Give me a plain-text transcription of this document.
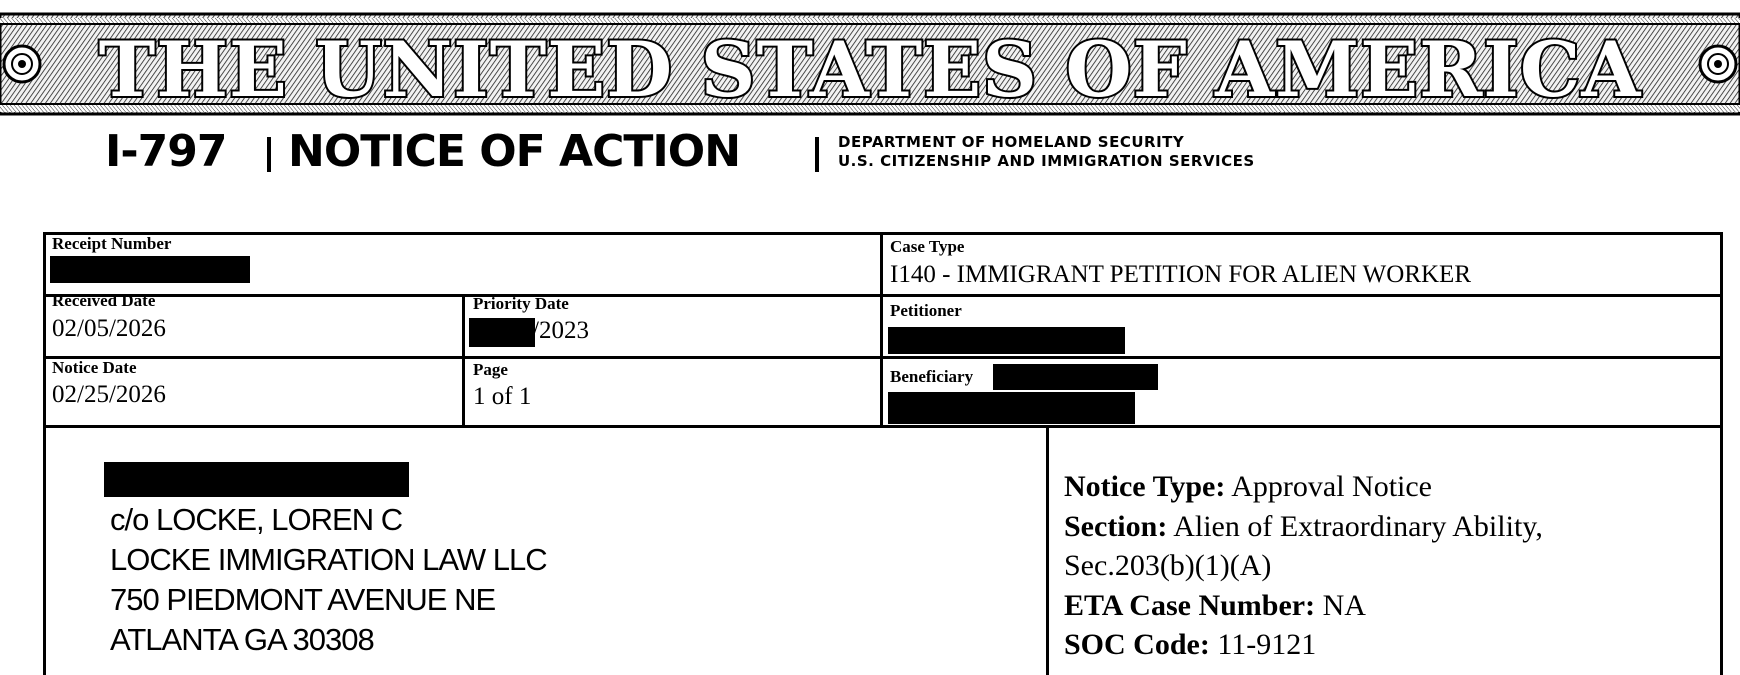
THE UNITED STATES OF AMERICA
I-797 NOTICE OF ACTION	DEPARTMENT OF HOMELAND SECURITY
U.S. CITIZENSHIP AND IMMIGRATION SERVICES
Receipt Number	Case Type
I140 - IMMIGRANT PETITION FOR ALIEN WORKER
Received Date
02/05/2026
Priority Date
/2023
Petitioner
Notice Date
02/25/2026
Page
1 of 1
Beneficiary
c/o LOCKE, LOREN C
LOCKE IMMIGRATION LAW LLC
750 PIEDMONT AVENUE NE
ATLANTA GA 30308
Notice Type: Approval Notice
Section: Alien of Extraordinary Ability,
Sec.203(b)(1)(A)
ETA Case Number: NA
SOC Code: 11-9121
